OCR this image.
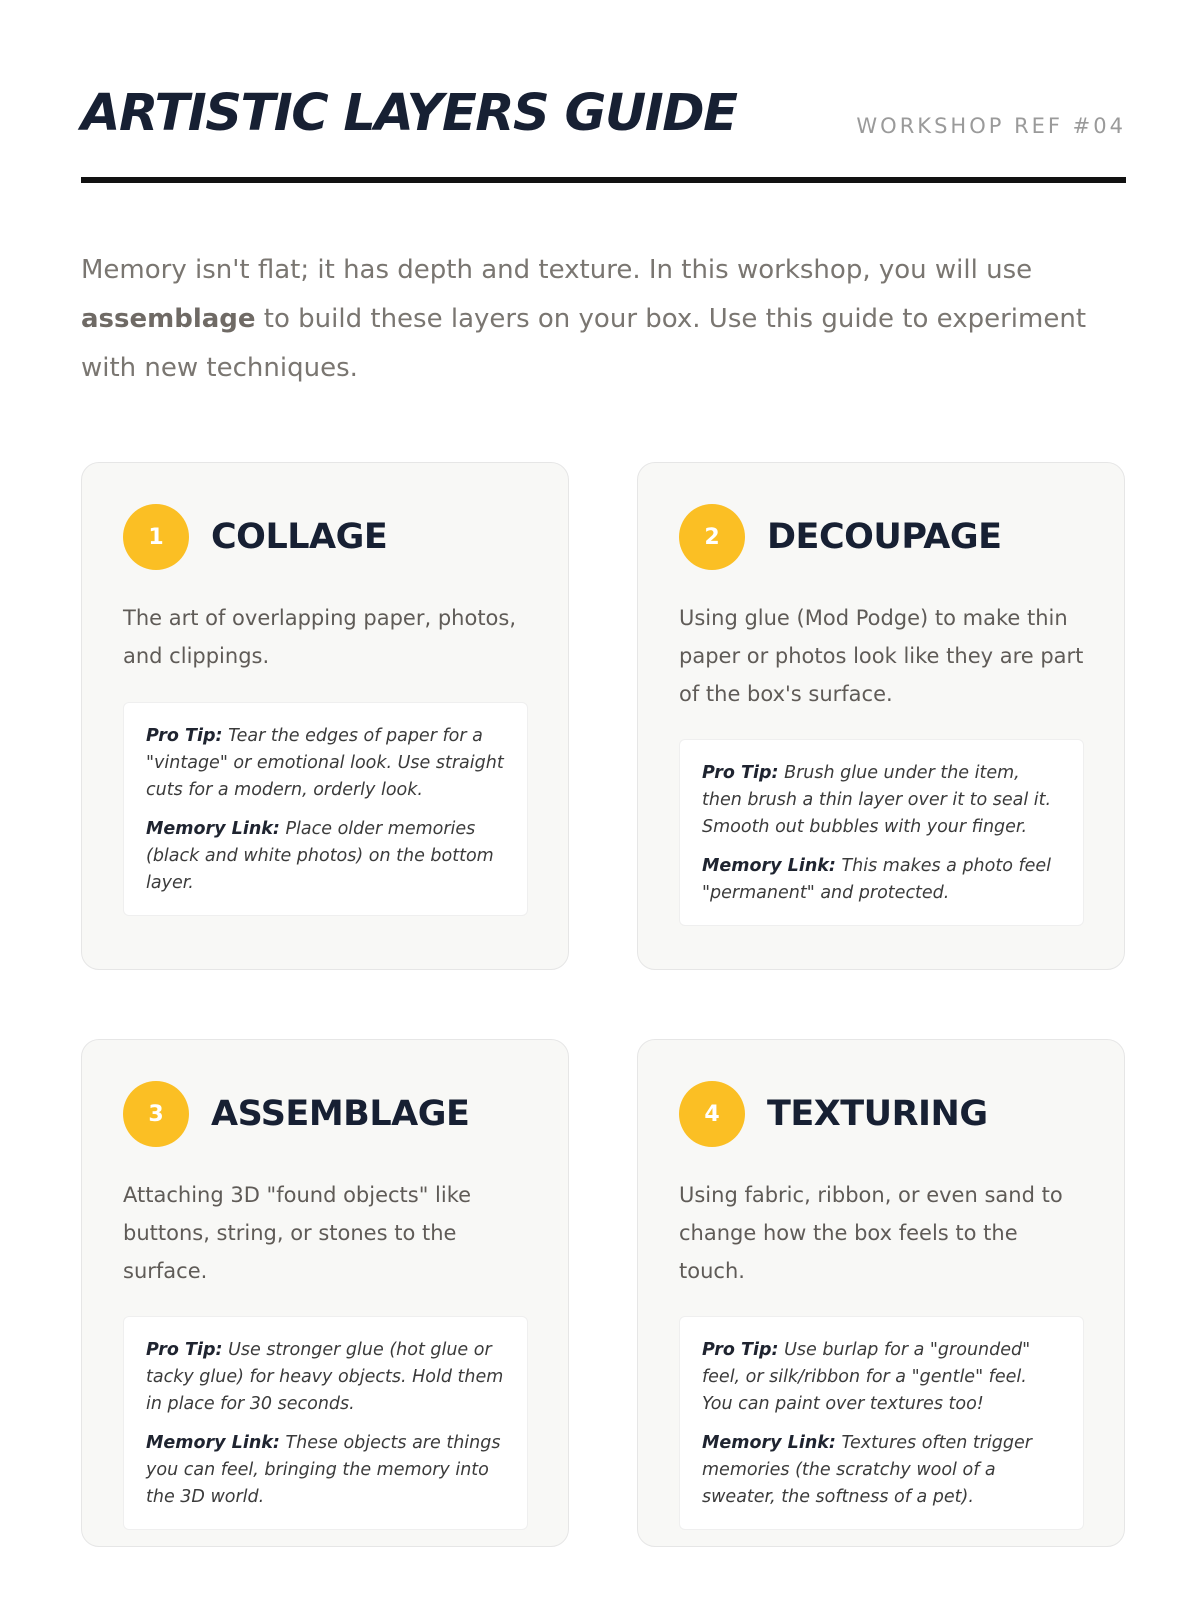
ARTISTIC LAYERS GUIDE	WORKSHOP REF #04

Memory isn't flat; it has depth and texture. In this workshop, you will use assemblage to build these layers on your box. Use this guide to experiment with new techniques.

1	COLLAGE

The art of overlapping paper, photos, and clippings.

Pro Tip: Tear the edges of paper for a "vintage" or emotional look. Use straight cuts for a modern, orderly look.

Memory Link: Place older memories (black and white photos) on the bottom layer.

2	DECOUPAGE

Using glue (Mod Podge) to make thin paper or photos look like they are part of the box's surface.

Pro Tip: Brush glue under the item, then brush a thin layer over it to seal it. Smooth out bubbles with your finger.

Memory Link: This makes a photo feel "permanent" and protected.

3	ASSEMBLAGE

Attaching 3D "found objects" like buttons, string, or stones to the surface.

Pro Tip: Use stronger glue (hot glue or tacky glue) for heavy objects. Hold them in place for 30 seconds.

Memory Link: These objects are things you can feel, bringing the memory into the 3D world.

4	TEXTURING

Using fabric, ribbon, or even sand to change how the box feels to the touch.

Pro Tip: Use burlap for a "grounded" feel, or silk/ribbon for a "gentle" feel. You can paint over textures too!

Memory Link: Textures often trigger memories (the scratchy wool of a sweater, the softness of a pet).
